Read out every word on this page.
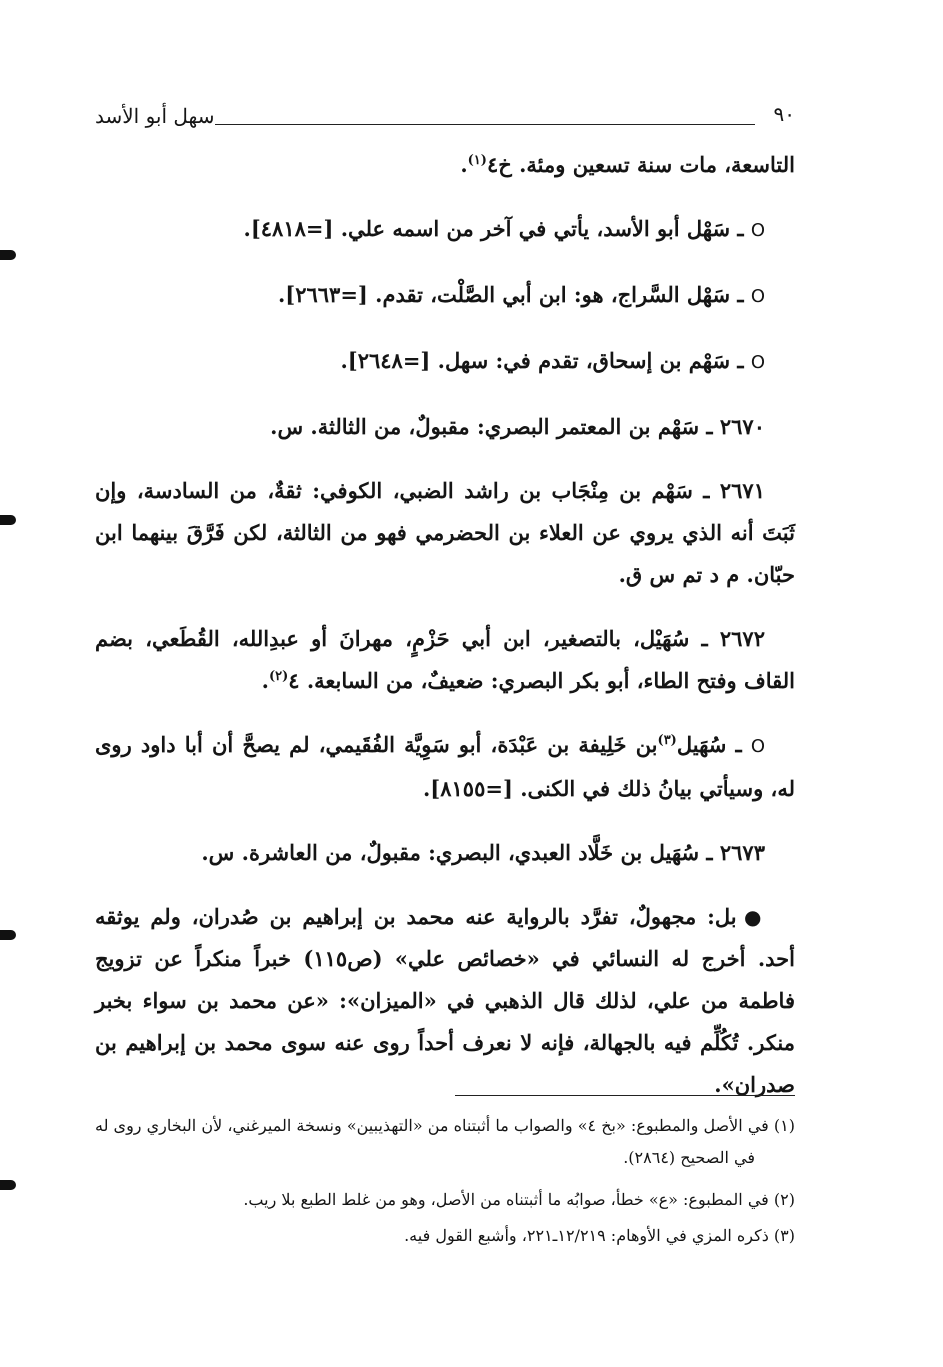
٩٠
سهل أبو الأسد

التاسعة، مات سنة تسعين ومئة. خ٤$^{(١)}$.

O ـ سَهْل أبو الأسد، يأتي في آخر من اسمه علي. [=٤٨١٨].

O ـ سَهْل السَّراج، هو: ابن أبي الصَّلْت، تقدم. [=٢٦٦٣].

O ـ سَهْم بن إسحاق، تقدم في: سهل. [=٢٦٤٨].

٢٦٧٠ ـ سَهْم بن المعتمر البصري: مقبولٌ، من الثالثة. س.

٢٦٧١ ـ سَهْم بن مِنْجَاب بن راشد الضبي، الكوفي: ثقةٌ، من السادسة، وإن ثَبَتَ أنه الذي يروي عن العلاء بن الحضرمي فهو من الثالثة، لكن فَرَّقَ بينهما ابن حبّان. م د تم س ق.

٢٦٧٢ ـ سُهَيْل، بالتصغير، ابن أبي حَزْمٍ، مهرانَ أو عبدِالله، القُطَعي، بضم القاف وفتح الطاء، أبو بكر البصري: ضعيفٌ، من السابعة. ٤$^{(٢)}$.

O ـ سُهَيل$^{(٣)}$بن خَلِيفة بن عَبْدَة، أبو سَوِيَّة الفُقَيمي، لم يصحَّ أن أبا داود روى له، وسيأتي بيانُ ذلك في الكنى. [=٨١٥٥].

٢٦٧٣ ـ سُهَيل بن خَلَّاد العبدي، البصري: مقبولٌ، من العاشرة. س.

● بل: مجهولٌ، تفرَّد بالرواية عنه محمد بن إبراهيم بن صُدران، ولم يوثقه أحد. أخرج له النسائي في «خصائص علي» (ص١١٥) خبراً منكراً عن تزويج فاطمة من علي، لذلك قال الذهبي في «الميزان»: «عن محمد بن سواء بخبر منكر. تُكُلِّم فيه بالجهالة، فإنه لا نعرف أحداً روى عنه سوى محمد بن إبراهيم بن صدران».

(١) في الأصل والمطبوع: «بخ ٤» والصواب ما أثبتناه من «التهذيبين» ونسخة الميرغني، لأن البخاري روى له في الصحيح (٢٨٦٤).

(٢) في المطبوع: «ع» خطأ، صوابُه ما أثبتناه من الأصل، وهو من غلط الطبع بلا ريب.

(٣) ذكره المزي في الأوهام: ١٢/٢١٩ـ٢٢١، وأشبع القول فيه.
